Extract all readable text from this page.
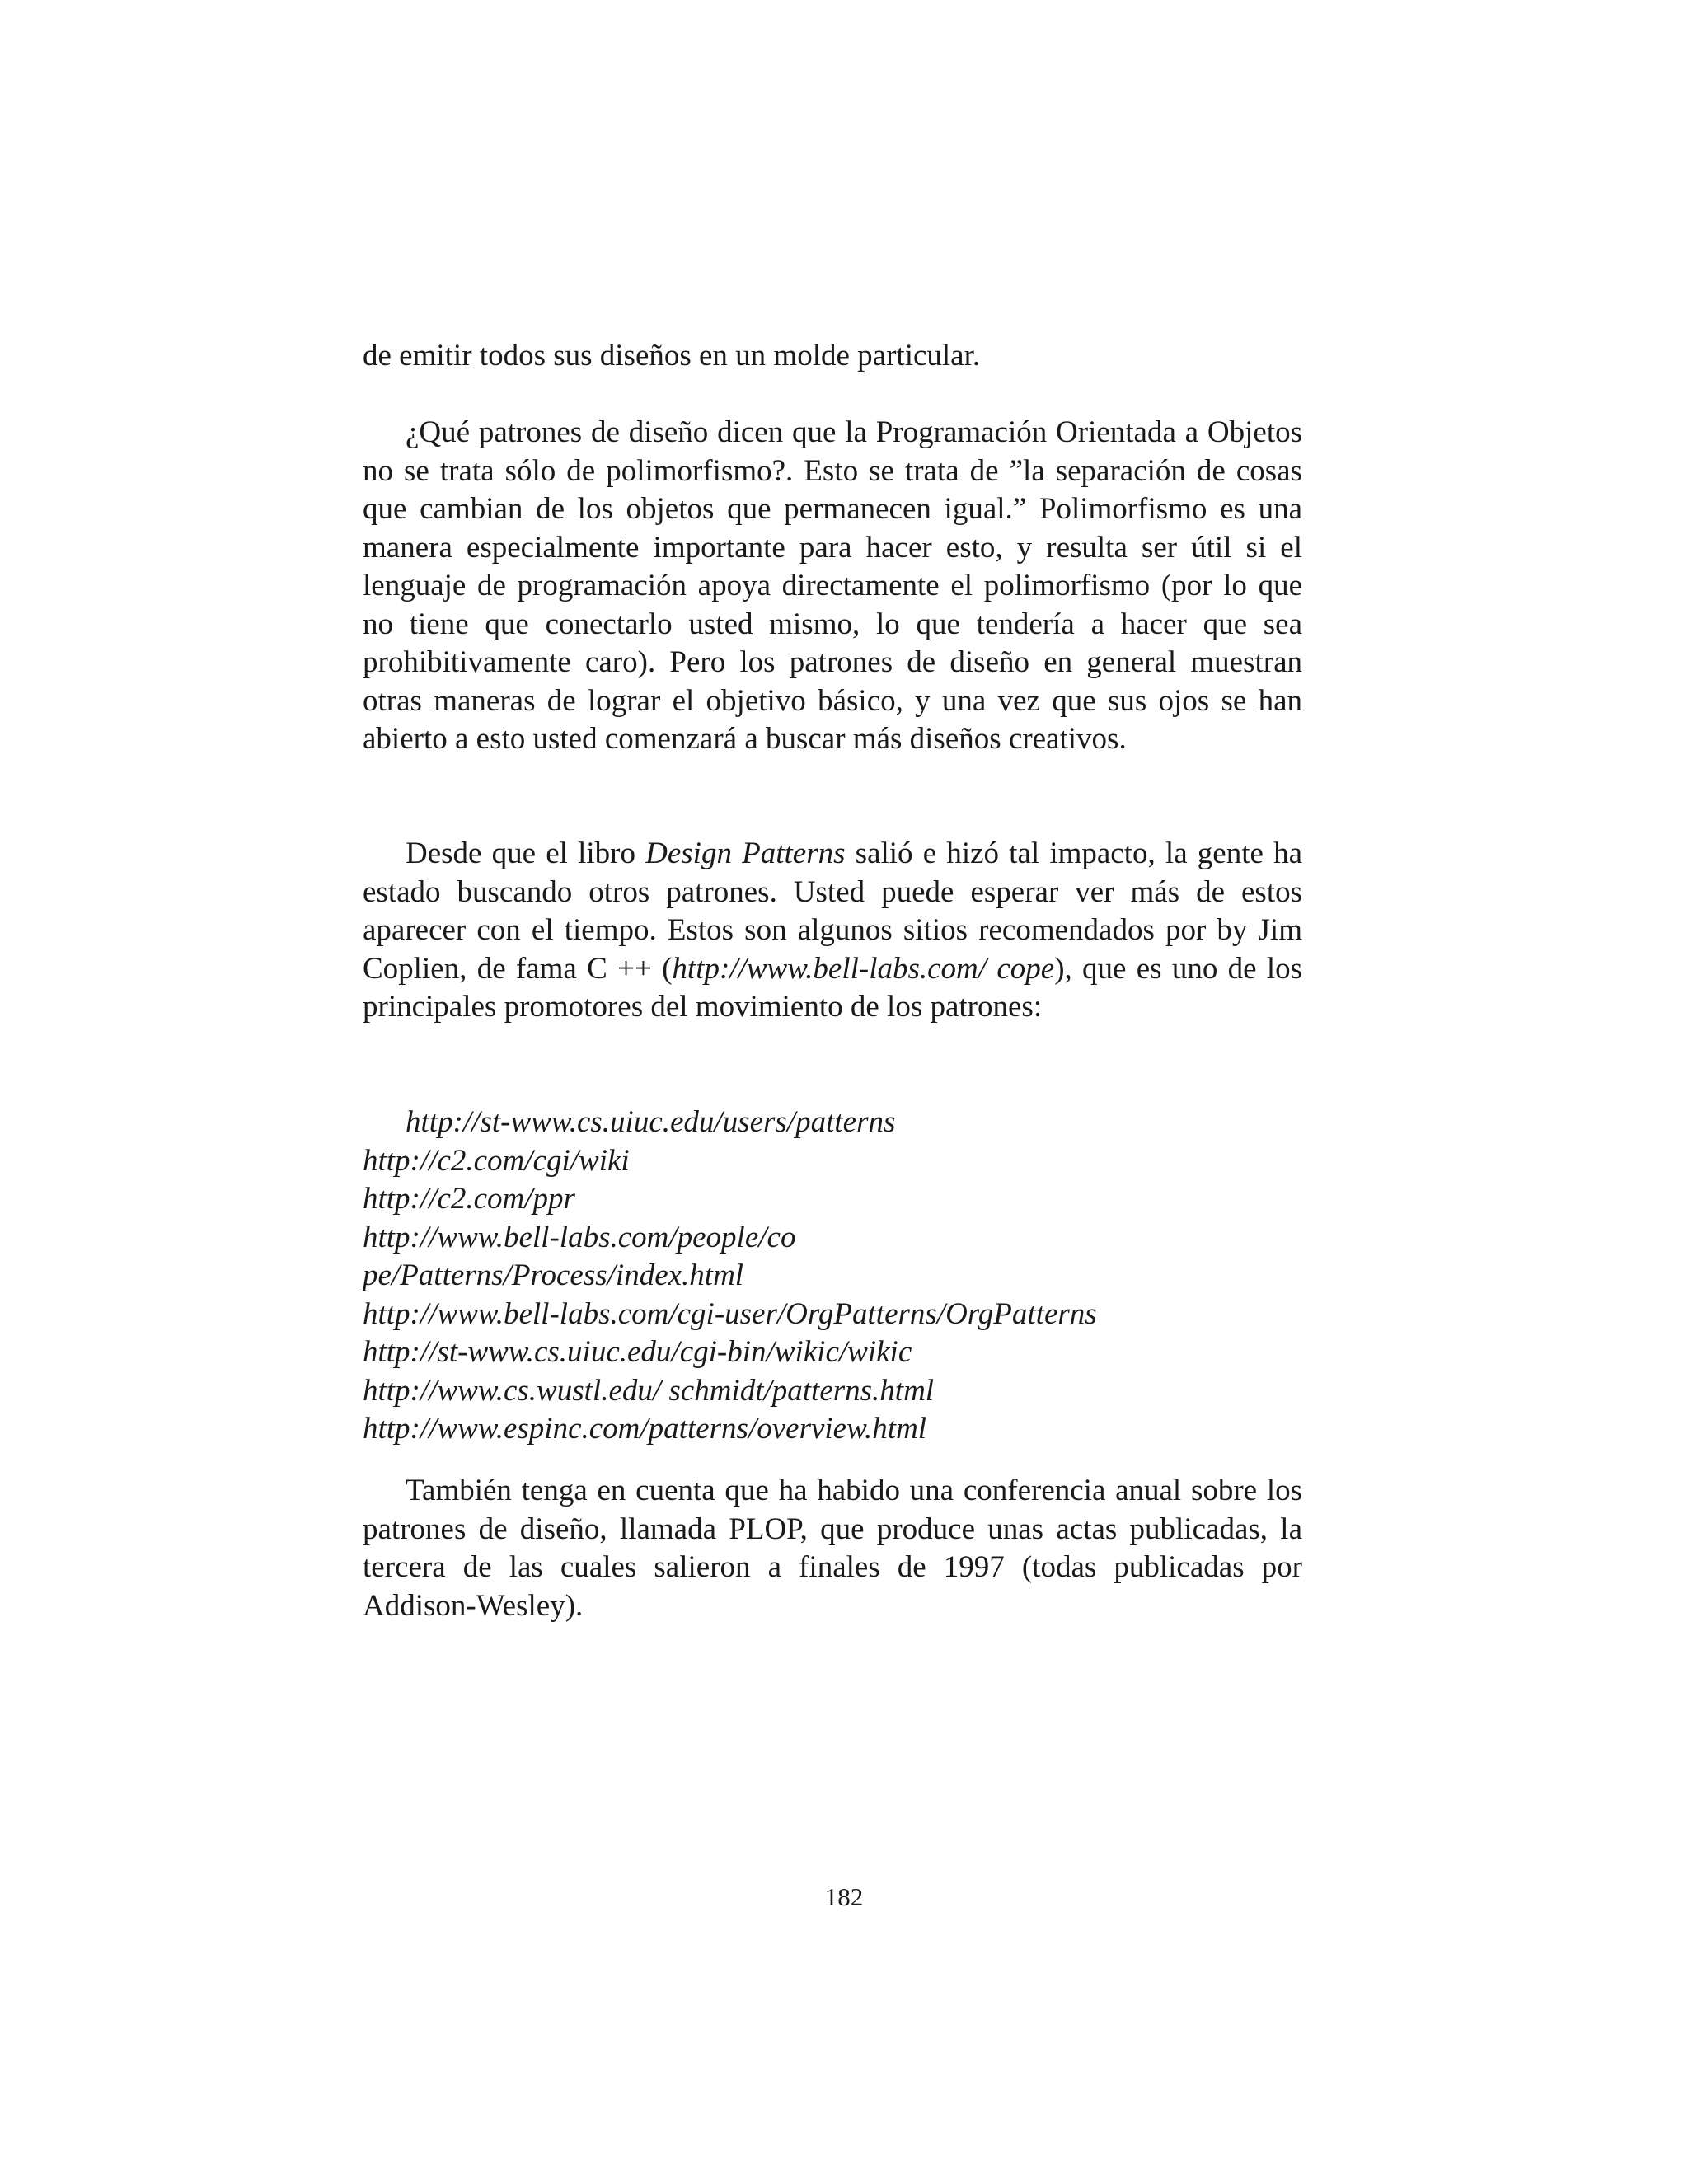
de emitir todos sus diseños en un molde particular.

¿Qué patrones de diseño dicen que la Programación Orientada a Objetos no se trata sólo de polimorfismo?. Esto se trata de ”la separación de cosas que cambian de los objetos que permanecen igual.” Polimorfismo es una manera especialmente importante para hacer esto, y resulta ser útil si el lenguaje de programación apoya directamente el polimorfismo (por lo que no tiene que conectarlo usted mismo, lo que tendería a hacer que sea prohibitivamente caro). Pero los patrones de diseño en general muestran otras maneras de lograr el objetivo básico, y una vez que sus ojos se han abierto a esto usted comenzará a buscar más diseños creativos.

Desde que el libro Design Patterns salió e hizó tal impacto, la gente ha estado buscando otros patrones. Usted puede esperar ver más de estos aparecer con el tiempo. Estos son algunos sitios recomendados por by Jim Coplien, de fama C ++ (http://www.bell-labs.com/ cope), que es uno de los principales promotores del movimiento de los patrones:

http://st-www.cs.uiuc.edu/users/patterns
http://c2.com/cgi/wiki
http://c2.com/ppr
http://www.bell-labs.com/people/co
pe/Patterns/Process/index.html
http://www.bell-labs.com/cgi-user/OrgPatterns/OrgPatterns
http://st-www.cs.uiuc.edu/cgi-bin/wikic/wikic
http://www.cs.wustl.edu/ schmidt/patterns.html
http://www.espinc.com/patterns/overview.html

También tenga en cuenta que ha habido una conferencia anual sobre los patrones de diseño, llamada PLOP, que produce unas actas publicadas, la tercera de las cuales salieron a finales de 1997 (todas publicadas por Addison-Wesley).

182
